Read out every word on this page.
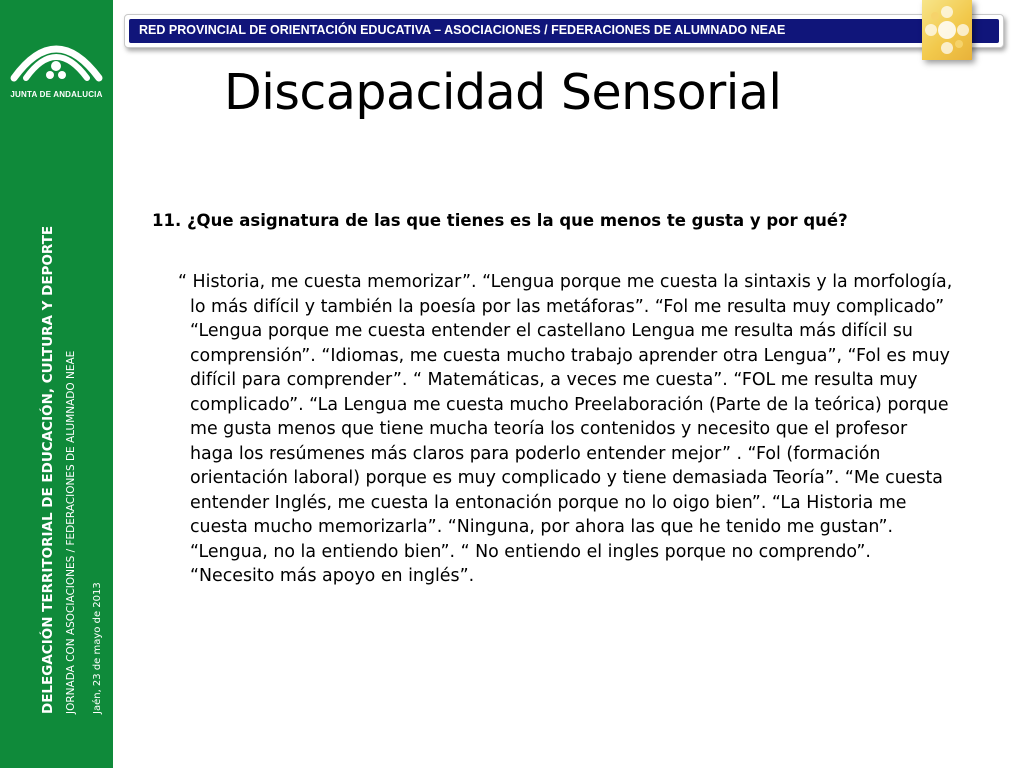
JUNTA DE ANDALUCIA
DELEGACIÓN TERRITORIAL DE EDUCACIÓN, CULTURA Y DEPORTE JORNADA CON ASOCIACIONES / FEDERACIONES DE ALUMNADO NEAE Jaén, 23 de mayo de 2013
RED PROVINCIAL DE ORIENTACIÓN EDUCATIVA – ASOCIACIONES / FEDERACIONES DE ALUMNADO NEAE
Discapacidad Sensorial
11. ¿Que asignatura de las que tienes es la que menos te gusta y por qué?
“ Historia, me cuesta memorizar”. “Lengua porque me cuesta la sintaxis y la morfología, lo más difícil y también la poesía por las metáforas”. “Fol me resulta muy complicado” “Lengua porque me cuesta entender el castellano Lengua me resulta más difícil su comprensión”. “Idiomas, me cuesta mucho trabajo aprender otra Lengua”, “Fol es muy difícil para comprender”. “ Matemáticas, a veces me cuesta”. “FOL me resulta muy complicado”. “La Lengua me cuesta mucho Preelaboración (Parte de la teórica) porque me gusta menos que tiene mucha teoría los contenidos y necesito que el profesor haga los resúmenes más claros para poderlo entender mejor” . “Fol (formación orientación laboral) porque es muy complicado y tiene demasiada Teoría”. “Me cuesta entender Inglés, me cuesta la entonación porque no lo oigo bien”. “La Historia me cuesta mucho memorizarla”. “Ninguna, por ahora las que he tenido me gustan”. “Lengua, no la entiendo bien”. “ No entiendo el ingles porque no comprendo”. “Necesito más apoyo en inglés”.
